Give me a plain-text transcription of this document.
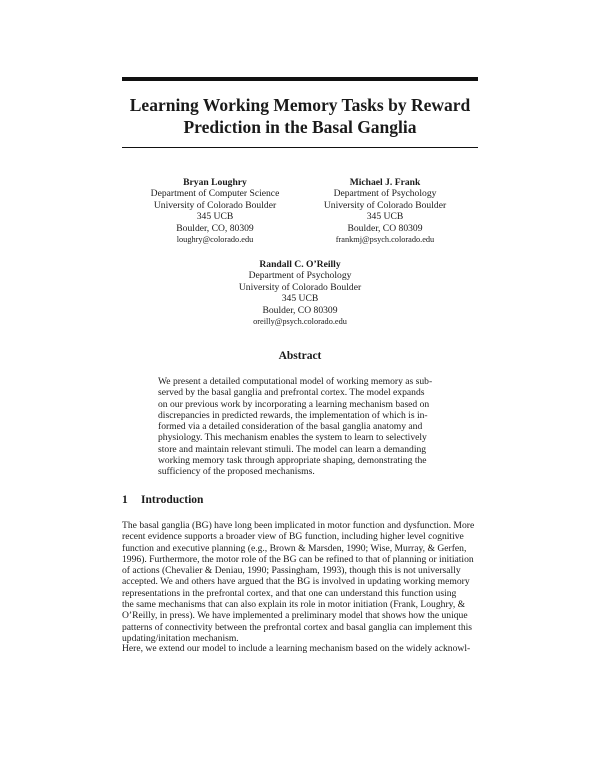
Learning Working Memory Tasks by Reward
Prediction in the Basal Ganglia
Bryan Loughry
Department of Computer Science
University of Colorado Boulder
345 UCB
Boulder, CO, 80309
loughry@colorado.edu
Michael J. Frank
Department of Psychology
University of Colorado Boulder
345 UCB
Boulder, CO 80309
frankmj@psych.colorado.edu
Randall C. O’Reilly
Department of Psychology
University of Colorado Boulder
345 UCB
Boulder, CO 80309
oreilly@psych.colorado.edu
Abstract

We present a detailed computational model of working memory as sub-
served by the basal ganglia and prefrontal cortex. The model expands
on our previous work by incorporating a learning mechanism based on
discrepancies in predicted rewards, the implementation of which is in-
formed via a detailed consideration of the basal ganglia anatomy and
physiology. This mechanism enables the system to learn to selectively
store and maintain relevant stimuli. The model can learn a demanding
working memory task through appropriate shaping, demonstrating the
sufficiency of the proposed mechanisms.

1 Introduction

The basal ganglia (BG) have long been implicated in motor function and dysfunction. More
recent evidence supports a broader view of BG function, including higher level cognitive
function and executive planning (e.g., Brown & Marsden, 1990; Wise, Murray, & Gerfen,
1996). Furthermore, the motor role of the BG can be refined to that of planning or initiation
of actions (Chevalier & Deniau, 1990; Passingham, 1993), though this is not universally
accepted. We and others have argued that the BG is involved in updating working memory
representations in the prefrontal cortex, and that one can understand this function using
the same mechanisms that can also explain its role in motor initiation (Frank, Loughry, &
O’Reilly, in press). We have implemented a preliminary model that shows how the unique
patterns of connectivity between the prefrontal cortex and basal ganglia can implement this
updating/initation mechanism.

Here, we extend our model to include a learning mechanism based on the widely acknowl-
